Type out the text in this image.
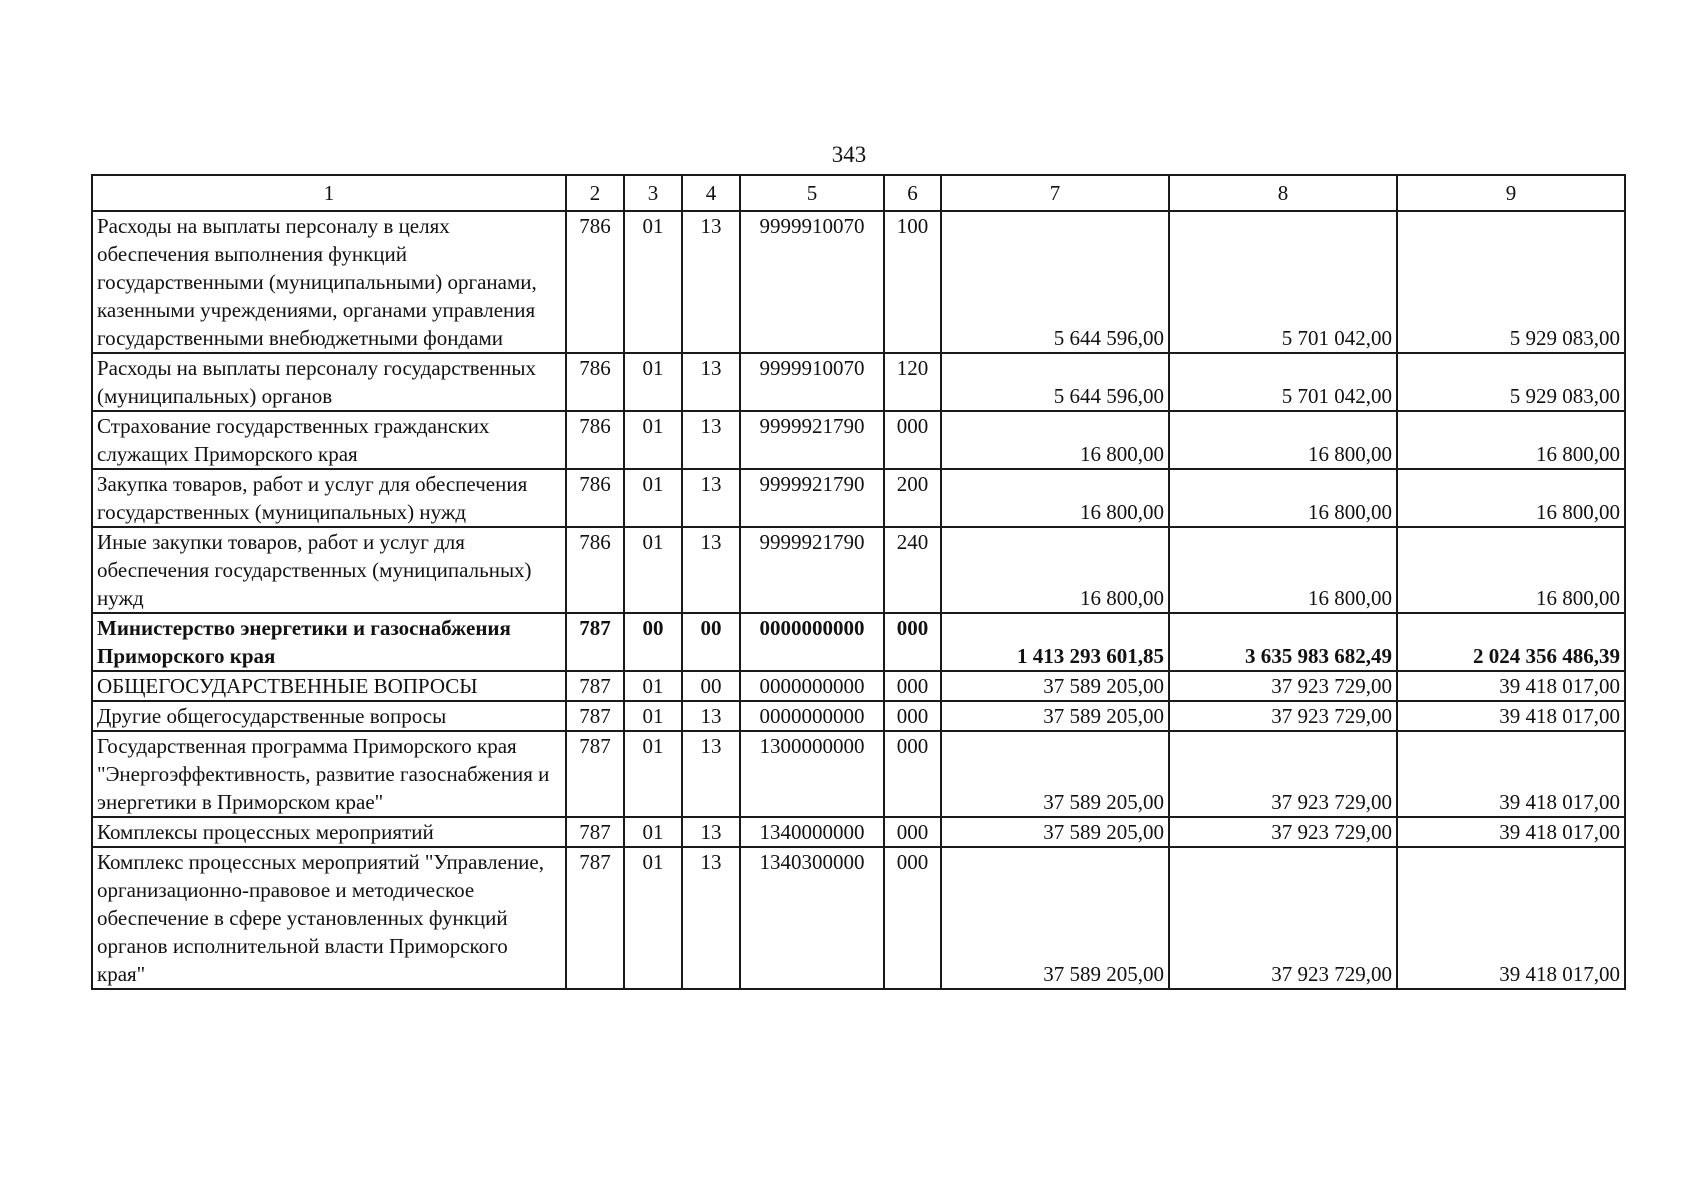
343
1	2	3	4	5	6	7	8	9
Расходы на выплаты персоналу в целях обеспечения выполнения функций государственными (муниципальными) органами, казенными учреждениями, органами управления государственными внебюджетными фондами	786	01	13	9999910070	100	5 644 596,00	5 701 042,00	5 929 083,00
Расходы на выплаты персоналу государственных (муниципальных) органов	786	01	13	9999910070	120	5 644 596,00	5 701 042,00	5 929 083,00
Страхование государственных гражданских служащих Приморского края	786	01	13	9999921790	000	16 800,00	16 800,00	16 800,00
Закупка товаров, работ и услуг для обеспечения государственных (муниципальных) нужд	786	01	13	9999921790	200	16 800,00	16 800,00	16 800,00
Иные закупки товаров, работ и услуг для обеспечения государственных (муниципальных) нужд	786	01	13	9999921790	240	16 800,00	16 800,00	16 800,00
Министерство энергетики и газоснабжения Приморского края	787	00	00	0000000000	000	1 413 293 601,85	3 635 983 682,49	2 024 356 486,39
ОБЩЕГОСУДАРСТВЕННЫЕ ВОПРОСЫ	787	01	00	0000000000	000	37 589 205,00	37 923 729,00	39 418 017,00
Другие общегосударственные вопросы	787	01	13	0000000000	000	37 589 205,00	37 923 729,00	39 418 017,00
Государственная программа Приморского края "Энергоэффективность, развитие газоснабжения и энергетики в Приморском крае"	787	01	13	1300000000	000	37 589 205,00	37 923 729,00	39 418 017,00
Комплексы процессных мероприятий	787	01	13	1340000000	000	37 589 205,00	37 923 729,00	39 418 017,00
Комплекс процессных мероприятий "Управление, организационно-правовое и методическое обеспечение в сфере установленных функций органов исполнительной власти Приморского края"	787	01	13	1340300000	000	37 589 205,00	37 923 729,00	39 418 017,00
